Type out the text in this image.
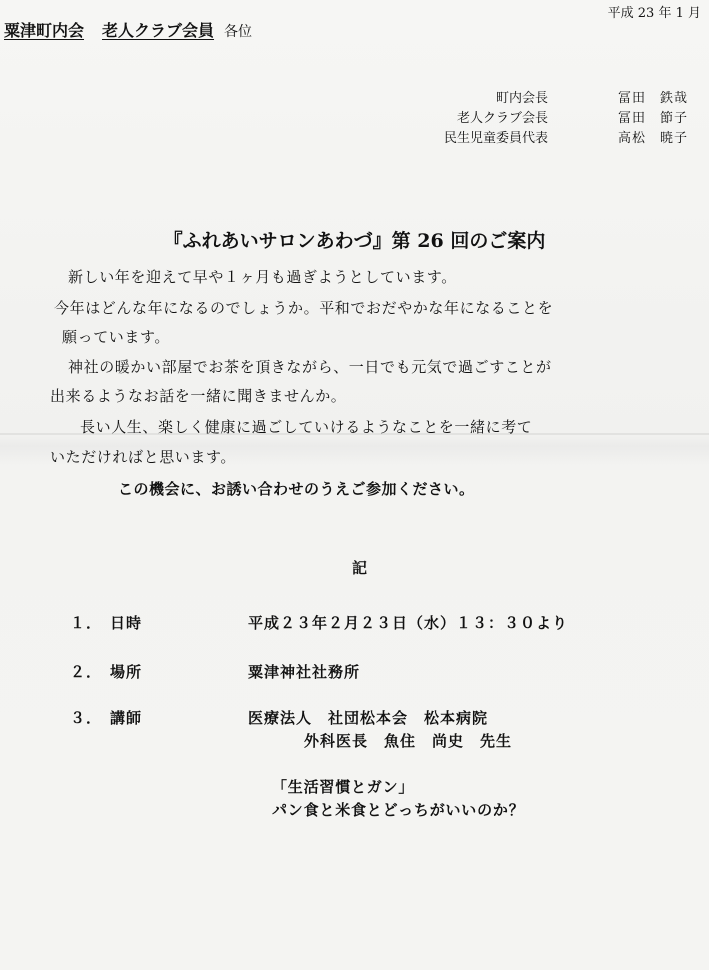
平成 23 年 1 月
粟津町内会 老人クラブ会員 各位
町内会長	冨田　鉄哉
老人クラブ会長	冨田　節子
民生児童委員代表	高松　暁子
『ふれあいサロンあわづ』第 26 回のご案内
新しい年を迎えて早や１ヶ月も過ぎようとしています。
今年はどんな年になるのでしょうか。平和でおだやかな年になることを
願っています。
神社の暖かい部屋でお茶を頂きながら、一日でも元気で過ごすことが
出来るようなお話を一緒に聞きませんか。
長い人生、楽しく健康に過ごしていけるようなことを一緒に考て
いただければと思います。
この機会に、お誘い合わせのうえご参加ください。
記
１． 日時	平成２３年２月２３日（水）１３：３０より
２． 場所	粟津神社社務所
３． 講師	医療法人　社団松本会　松本病院
外科医長　魚住　尚史　先生
「生活習慣とガン」
パン食と米食とどっちがいいのか？
